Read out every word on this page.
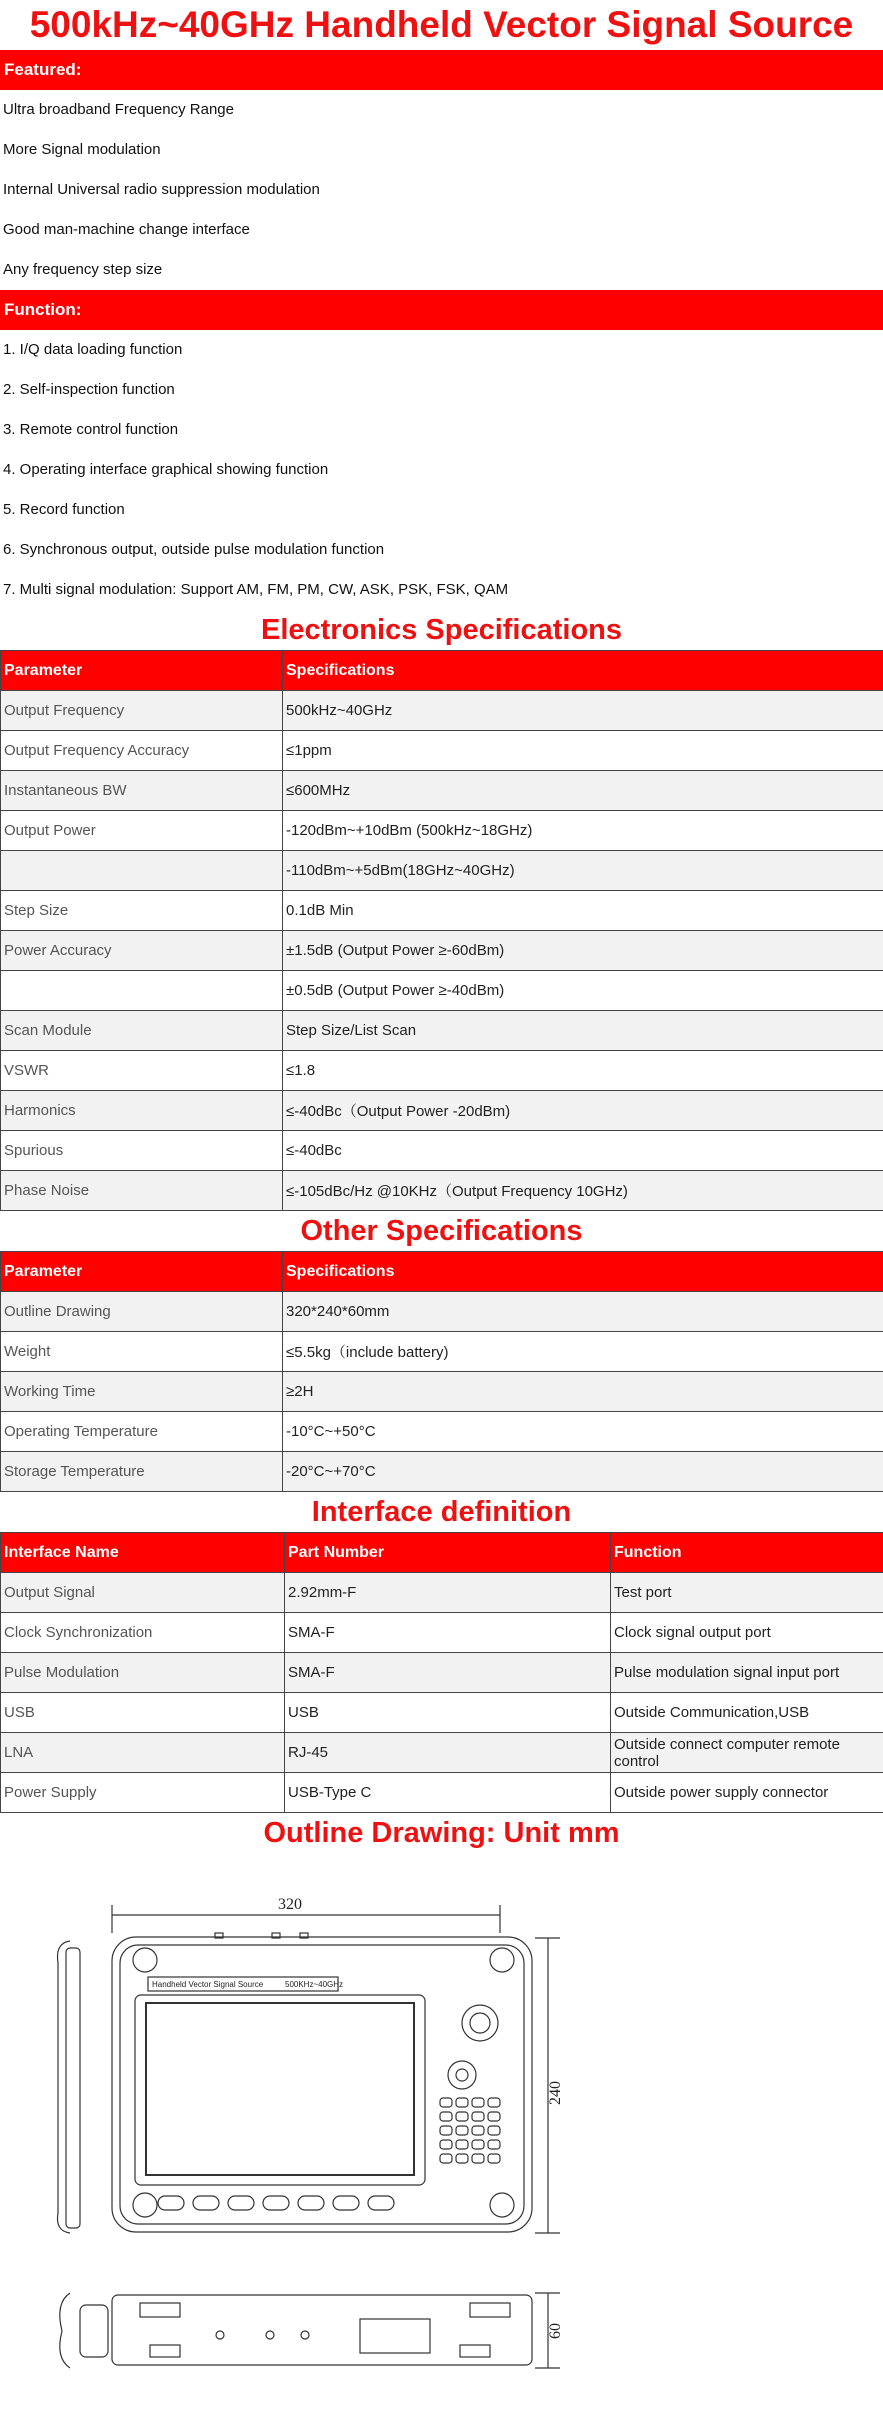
500kHz~40GHz Handheld Vector Signal Source
Featured:
Ultra broadband Frequency Range
More Signal modulation
Internal Universal radio suppression modulation
Good man-machine change interface
Any frequency step size
Function:
1. I/Q data loading function
2. Self-inspection function
3. Remote control function
4. Operating interface graphical showing function
5. Record function
6. Synchronous output, outside pulse modulation function
7. Multi signal modulation: Support AM, FM, PM, CW, ASK, PSK, FSK, QAM
Electronics Specifications
Parameter	Specifications
Output Frequency	500kHz~40GHz
Output Frequency Accuracy	≤1ppm
Instantaneous BW	≤600MHz
Output Power	-120dBm~+10dBm (500kHz~18GHz)
	-110dBm~+5dBm(18GHz~40GHz)
Step Size	0.1dB Min
Power Accuracy	±1.5dB (Output Power ≥-60dBm)
	±0.5dB (Output Power ≥-40dBm)
Scan Module	Step Size/List Scan
VSWR	≤1.8
Harmonics	≤-40dBc（Output Power -20dBm)
Spurious	≤-40dBc
Phase Noise	≤-105dBc/Hz @10KHz（Output Frequency 10GHz)
Other Specifications
Parameter	Specifications
Outline Drawing	320*240*60mm
Weight	≤5.5kg（include battery)
Working Time	≥2H
Operating Temperature	-10°C~+50°C
Storage Temperature	-20°C~+70°C
Interface definition
Interface Name	Part Number	Function
Output Signal	2.92mm-F	Test port
Clock Synchronization	SMA-F	Clock signal output port
Pulse Modulation	SMA-F	Pulse modulation signal input port
USB	USB	Outside Communication,USB
LNA	RJ-45	Outside connect computer remote control
Power Supply	USB-Type C	Outside power supply connector
Outline Drawing: Unit mm
320
240
60
Handheld Vector Signal Source	500KHz~40GHz
